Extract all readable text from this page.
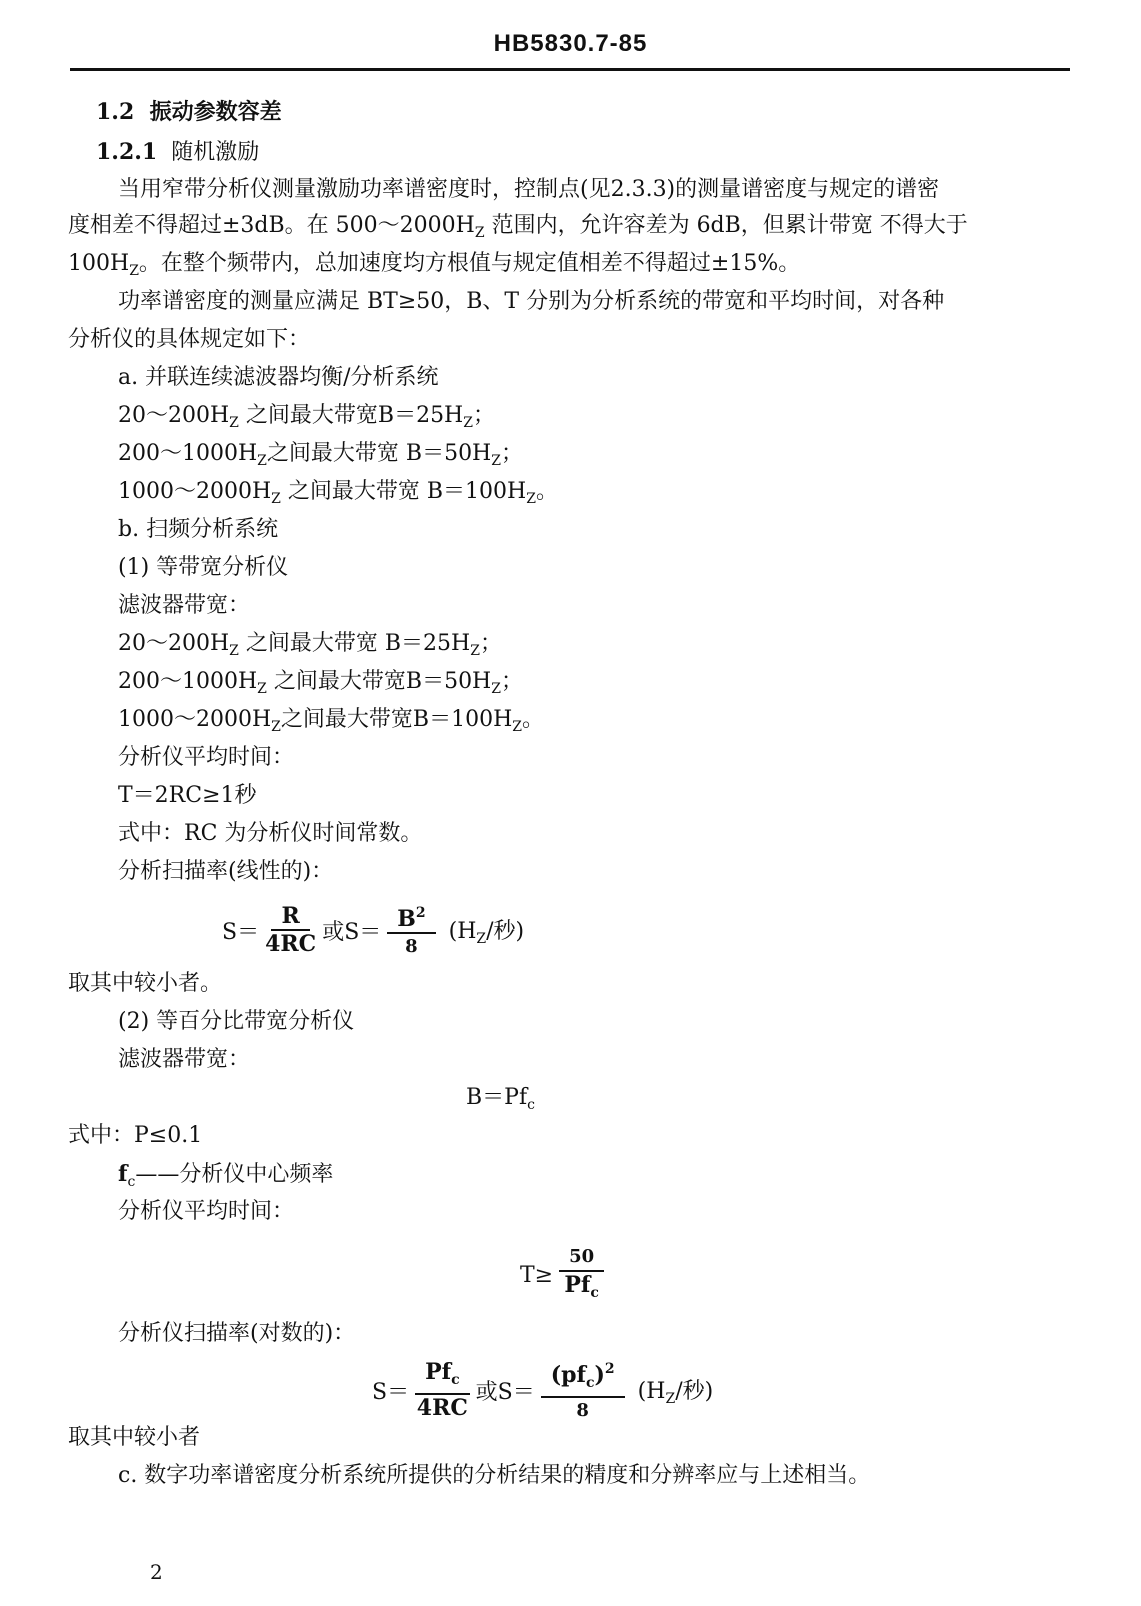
HB5830.7-85
1.2 振动参数容差
1.2.1 随机激励
当用窄带分析仪测量激励功率谱密度时，控制点(见2.3.3)的测量谱密度与规定的谱密
度相差不得超过±3dB。在 $500\sim 2000H_Z$ 范围内，允许容差为 6dB，但累计带宽 不得大于
$100H_Z$。在整个频带内，总加速度均方根值与规定值相差不得超过±15%。
功率谱密度的测量应满足 BT≥50，B、T 分别为分析系统的带宽和平均时间，对各种
分析仪的具体规定如下：
a. 并联连续滤波器均衡/分析系统
$20\sim 200H_Z$ 之间最大带宽$B=25H_Z$；
$200\sim 1000H_Z$之间最大带宽 $B=50H_Z$；
$1000\sim 2000H_Z$ 之间最大带宽 $B=100H_Z$。
b. 扫频分析系统
(1) 等带宽分析仪
滤波器带宽：
$20\sim 200H_Z$ 之间最大带宽 $B=25H_Z$；
$200\sim 1000H_Z$ 之间最大带宽$B=50H_Z$；
$1000\sim 2000H_Z$之间最大带宽$B=100H_Z$。
分析仪平均时间：
T＝2RC≥1秒
式中：RC 为分析仪时间常数。
分析扫描率(线性的)：
$S= \frac{R}{4RC}$ 或$S= \frac{B^2}{8} (H_Z/$秒)
取其中较小者。
(2) 等百分比带宽分析仪
滤波器带宽：
$B=Pf_c$
式中：P≤0.1
$f_c——$分析仪中心频率
分析仪平均时间：
$T\ge \frac{50}{Pf_c}$
分析仪扫描率(对数的)：
$S= \frac{Pf_c}{4RC}$ 或$S= \frac{(pf_c)^2}{8} (H_Z/$秒)
取其中较小者
c. 数字功率谱密度分析系统所提供的分析结果的精度和分辨率应与上述相当。
2
